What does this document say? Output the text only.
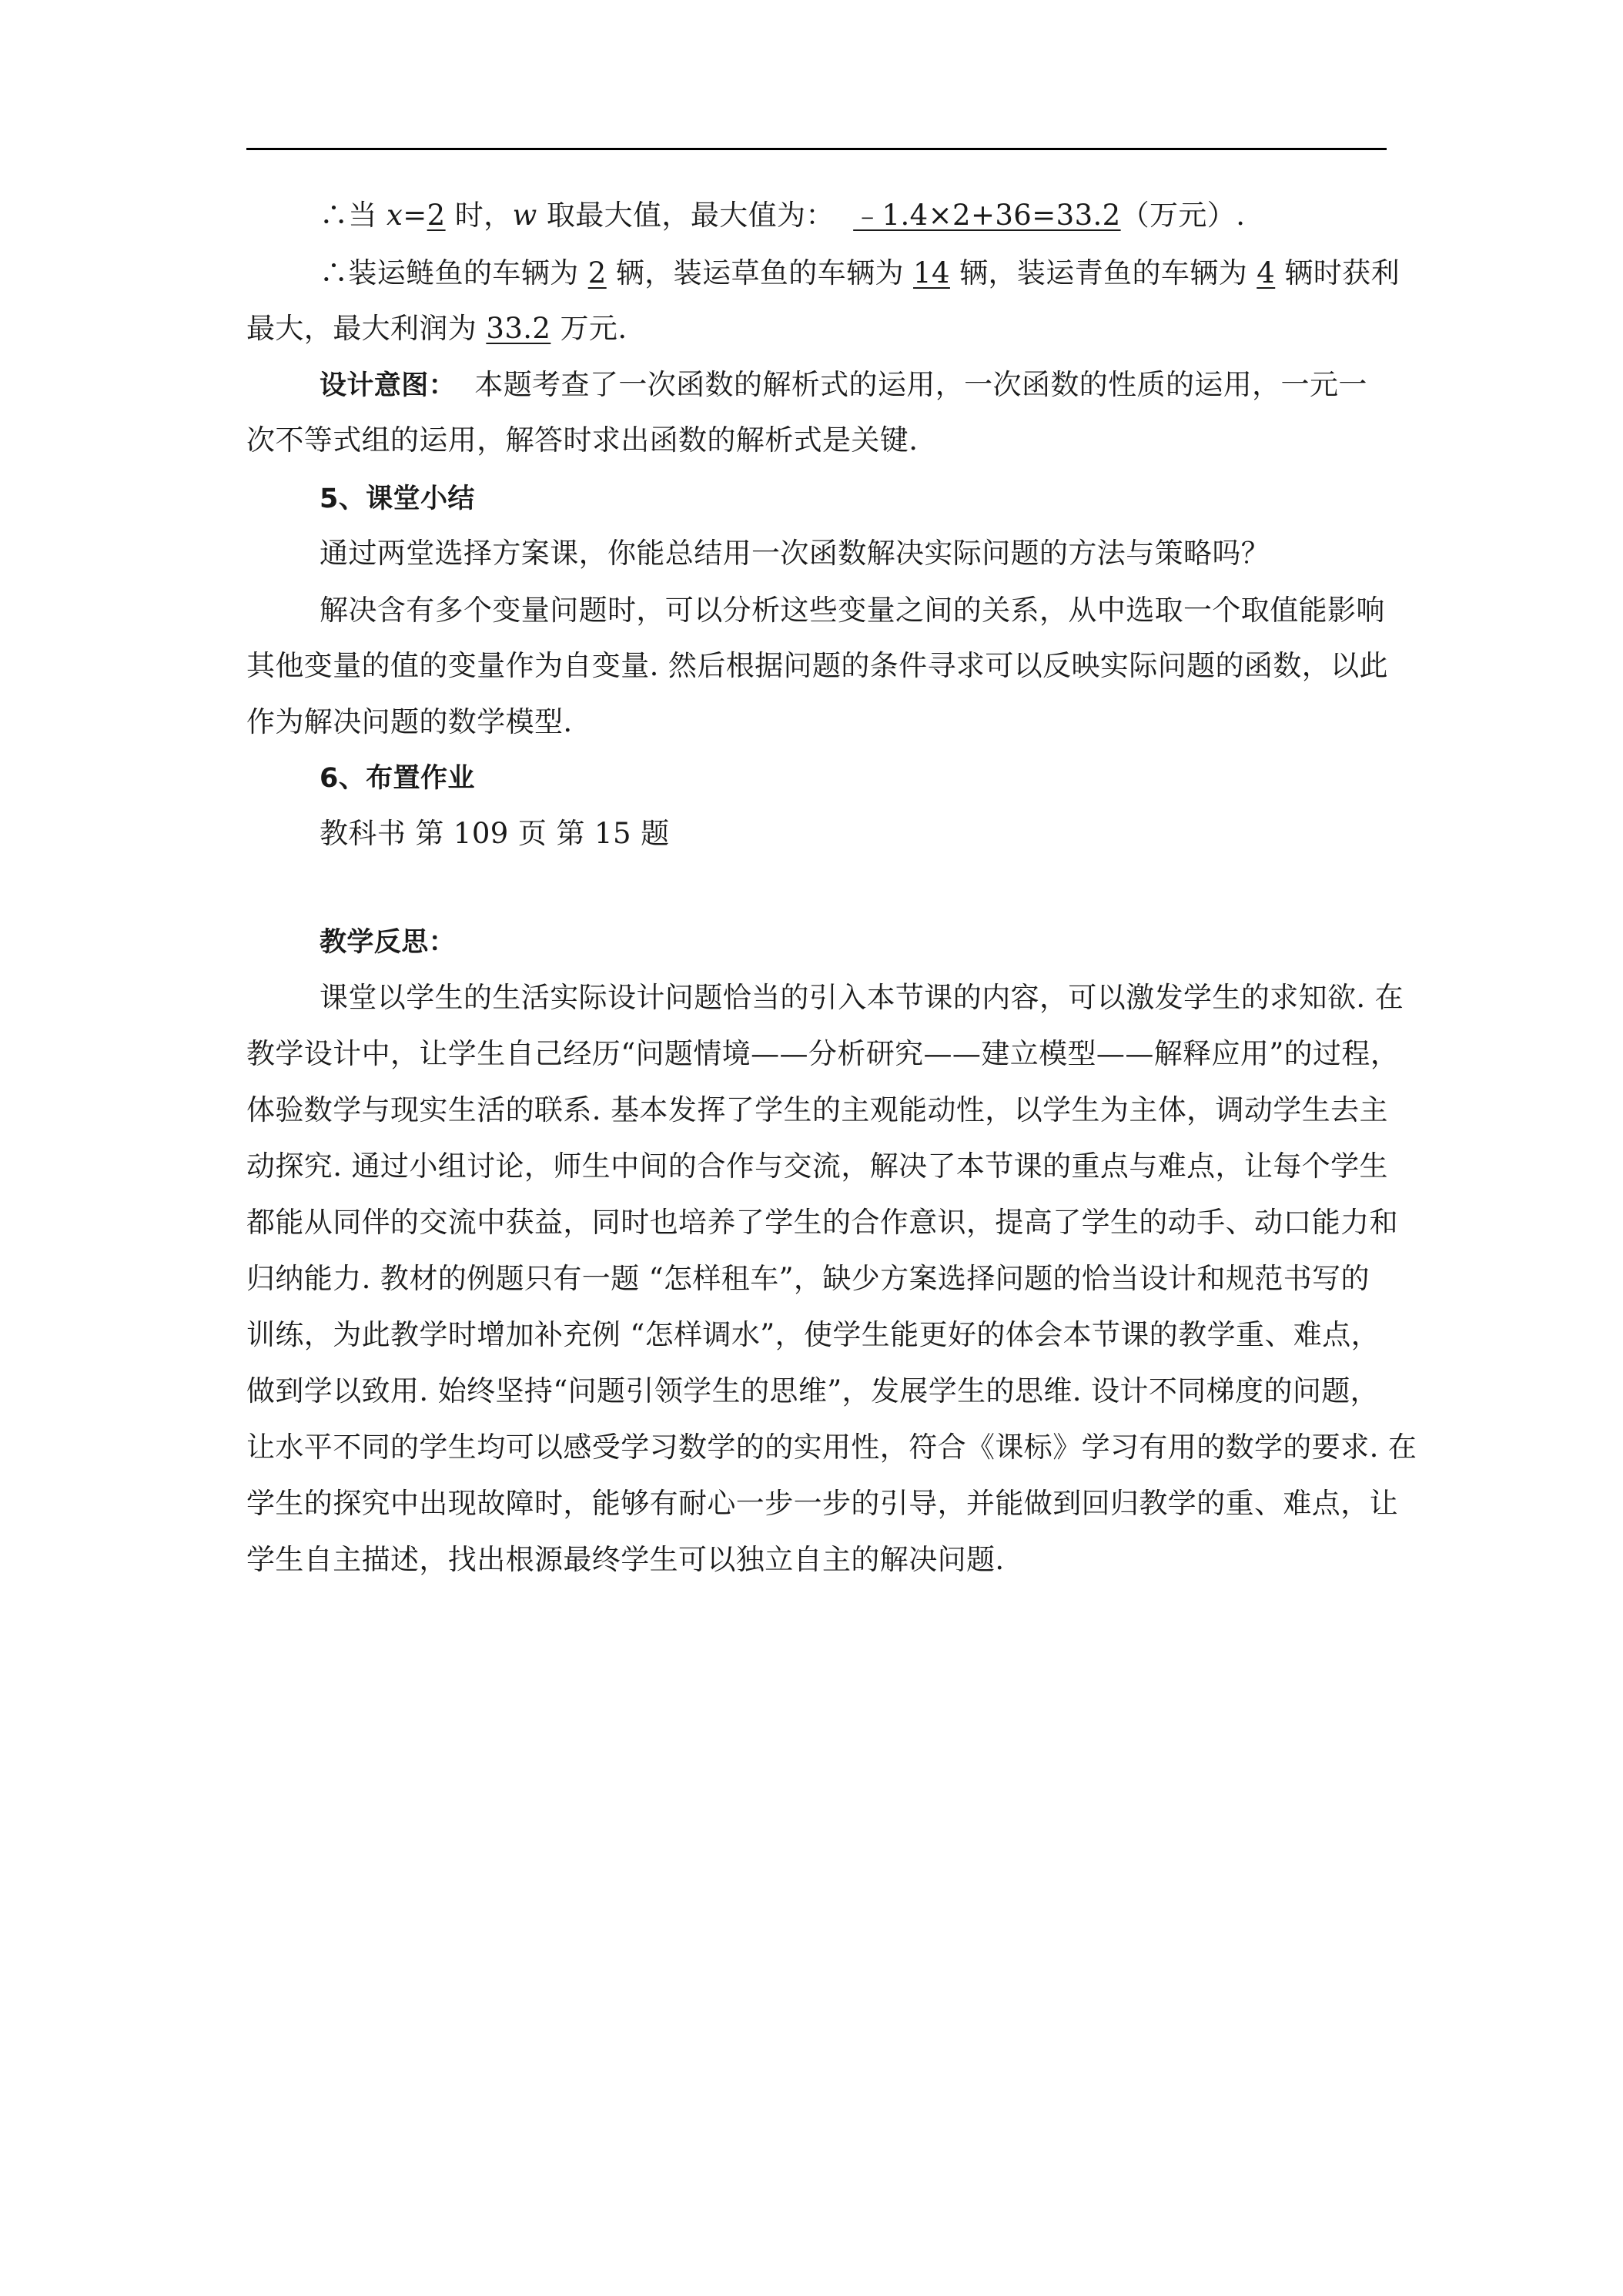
∴当 x=2 时，w 取最大值，最大值为： ﹣1.4×2+36=33.2（万元）.
∴装运鲢鱼的车辆为 2 辆，装运草鱼的车辆为 14 辆，装运青鱼的车辆为 4 辆时获利
最大，最大利润为 33.2 万元.
设计意图： 本题考查了一次函数的解析式的运用，一次函数的性质的运用，一元一
次不等式组的运用，解答时求出函数的解析式是关键.
5、课堂小结
通过两堂选择方案课，你能总结用一次函数解决实际问题的方法与策略吗？
解决含有多个变量问题时，可以分析这些变量之间的关系，从中选取一个取值能影响
其他变量的值的变量作为自变量. 然后根据问题的条件寻求可以反映实际问题的函数，以此
作为解决问题的数学模型.
6、布置作业
教科书 第 109 页 第 15 题
教学反思：
课堂以学生的生活实际设计问题恰当的引入本节课的内容，可以激发学生的求知欲. 在
教学设计中，让学生自己经历“问题情境——分析研究——建立模型——解释应用”的过程，
体验数学与现实生活的联系. 基本发挥了学生的主观能动性，以学生为主体，调动学生去主
动探究. 通过小组讨论，师生中间的合作与交流，解决了本节课的重点与难点，让每个学生
都能从同伴的交流中获益，同时也培养了学生的合作意识，提高了学生的动手、动口能力和
归纳能力. 教材的例题只有一题 “怎样租车”，缺少方案选择问题的恰当设计和规范书写的
训练，为此教学时增加补充例 “怎样调水”，使学生能更好的体会本节课的教学重、难点，
做到学以致用. 始终坚持“问题引领学生的思维”，发展学生的思维. 设计不同梯度的问题，
让水平不同的学生均可以感受学习数学的的实用性，符合《课标》学习有用的数学的要求. 在
学生的探究中出现故障时，能够有耐心一步一步的引导，并能做到回归教学的重、难点，让
学生自主描述，找出根源最终学生可以独立自主的解决问题.
